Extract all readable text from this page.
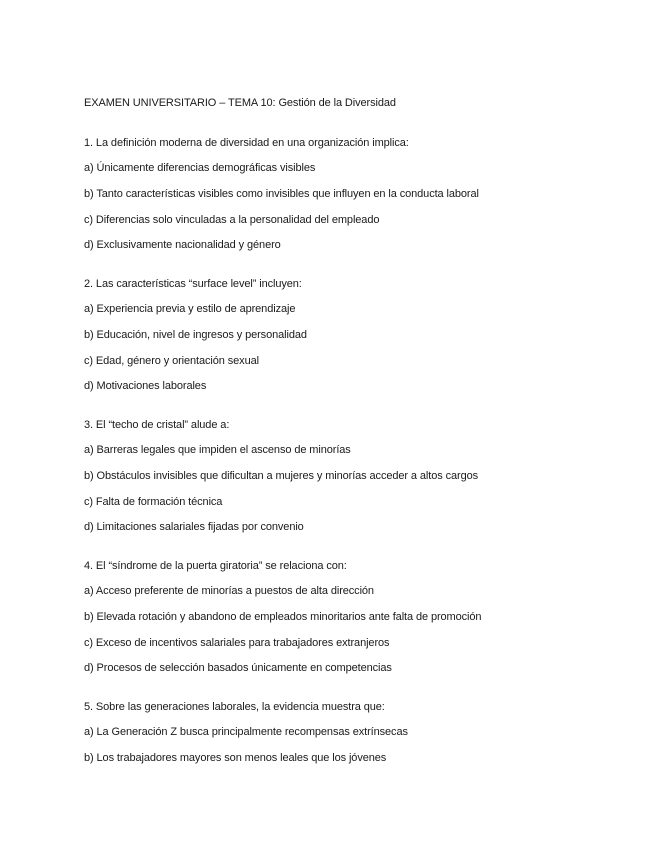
EXAMEN UNIVERSITARIO – TEMA 10: Gestión de la Diversidad
1. La definición moderna de diversidad en una organización implica:
a) Únicamente diferencias demográficas visibles
b) Tanto características visibles como invisibles que influyen en la conducta laboral
c) Diferencias solo vinculadas a la personalidad del empleado
d) Exclusivamente nacionalidad y género
2. Las características “surface level” incluyen:
a) Experiencia previa y estilo de aprendizaje
b) Educación, nivel de ingresos y personalidad
c) Edad, género y orientación sexual
d) Motivaciones laborales
3. El “techo de cristal” alude a:
a) Barreras legales que impiden el ascenso de minorías
b) Obstáculos invisibles que dificultan a mujeres y minorías acceder a altos cargos
c) Falta de formación técnica
d) Limitaciones salariales fijadas por convenio
4. El “síndrome de la puerta giratoria” se relaciona con:
a) Acceso preferente de minorías a puestos de alta dirección
b) Elevada rotación y abandono de empleados minoritarios ante falta de promoción
c) Exceso de incentivos salariales para trabajadores extranjeros
d) Procesos de selección basados únicamente en competencias
5. Sobre las generaciones laborales, la evidencia muestra que:
a) La Generación Z busca principalmente recompensas extrínsecas
b) Los trabajadores mayores son menos leales que los jóvenes
